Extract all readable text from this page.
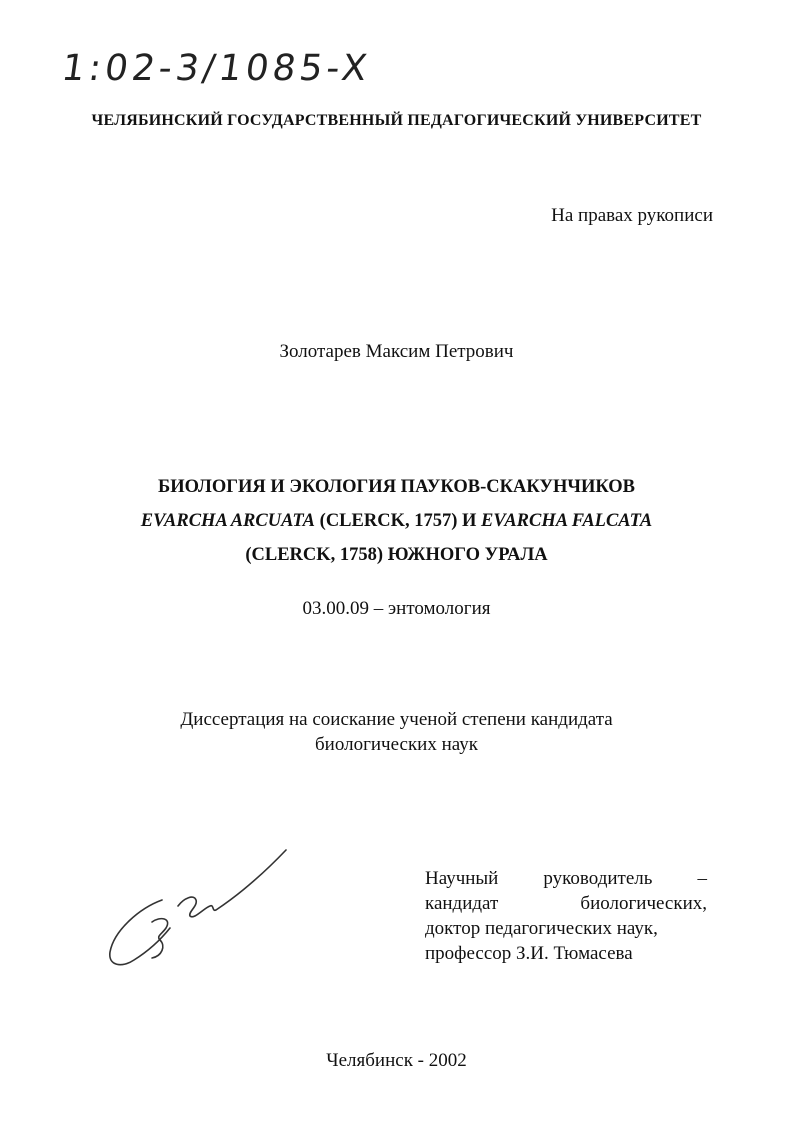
1:02-3/1085-X
ЧЕЛЯБИНСКИЙ ГОСУДАРСТВЕННЫЙ ПЕДАГОГИЧЕСКИЙ УНИВЕРСИТЕТ
На правах рукописи
Золотарев Максим Петрович
БИОЛОГИЯ И ЭКОЛОГИЯ ПАУКОВ-СКАКУНЧИКОВ
EVARCHA ARCUATA (CLERCK, 1757) И EVARCHA FALCATA
(CLERCK, 1758) ЮЖНОГО УРАЛА
03.00.09 – энтомология
Диссертация на соискание ученой степени кандидата
биологических наук
Научный руководитель –
кандидат	биологических,
доктор педагогических наук,
профессор З.И. Тюмасева
Челябинск - 2002
